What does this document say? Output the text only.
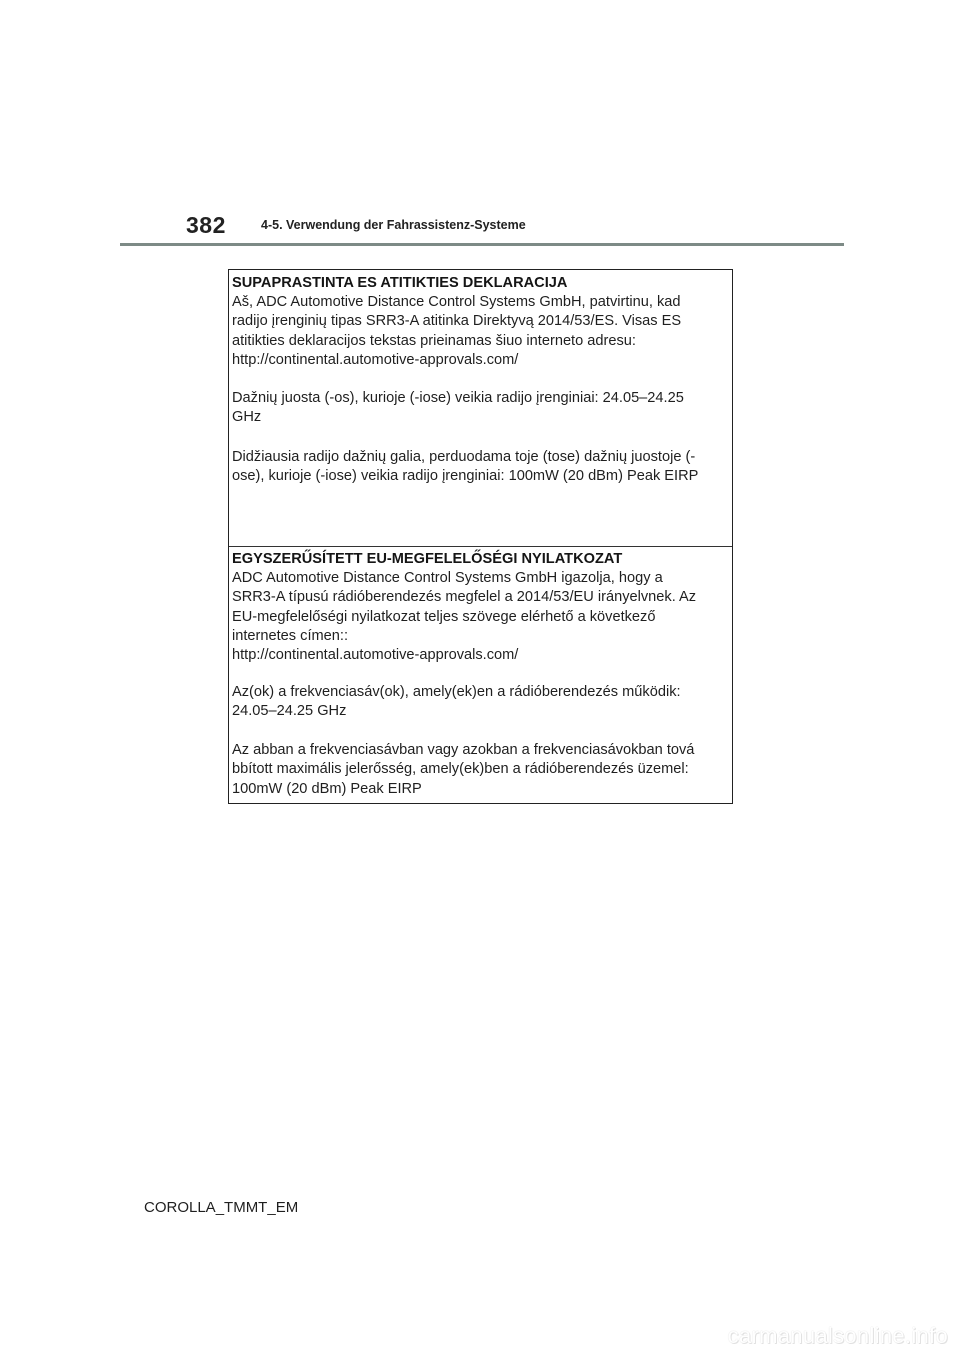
382	4-5. Verwendung der Fahrassistenz-Systeme
SUPAPRASTINTA ES ATITIKTIES DEKLARACIJA
Aš, ADC Automotive Distance Control Systems GmbH, patvirtinu, kad
radijo įrenginių tipas SRR3-A atitinka Direktyvą 2014/53/ES. Visas ES
atitikties deklaracijos tekstas prieinamas šiuo interneto adresu:
http://continental.automotive-approvals.com/
Dažnių juosta (-os), kurioje (-iose) veikia radijo įrenginiai: 24.05–24.25
GHz
Didžiausia radijo dažnių galia, perduodama toje (tose) dažnių juostoje (-
ose), kurioje (-iose) veikia radijo įrenginiai: 100mW (20 dBm) Peak EIRP
EGYSZERŰSÍTETT EU-MEGFELELŐSÉGI NYILATKOZAT
ADC Automotive Distance Control Systems GmbH igazolja, hogy a
SRR3-A típusú rádióberendezés megfelel a 2014/53/EU irányelvnek. Az
EU-megfelelőségi nyilatkozat teljes szövege elérhető a következő
internetes címen::
http://continental.automotive-approvals.com/
Az(ok) a frekvenciasáv(ok), amely(ek)en a rádióberendezés működik:
24.05–24.25 GHz
Az abban a frekvenciasávban vagy azokban a frekvenciasávokban tová
bbított maximális jelerősség, amely(ek)ben a rádióberendezés üzemel:
100mW (20 dBm) Peak EIRP
COROLLA_TMMT_EM
carmanualsonline.info
